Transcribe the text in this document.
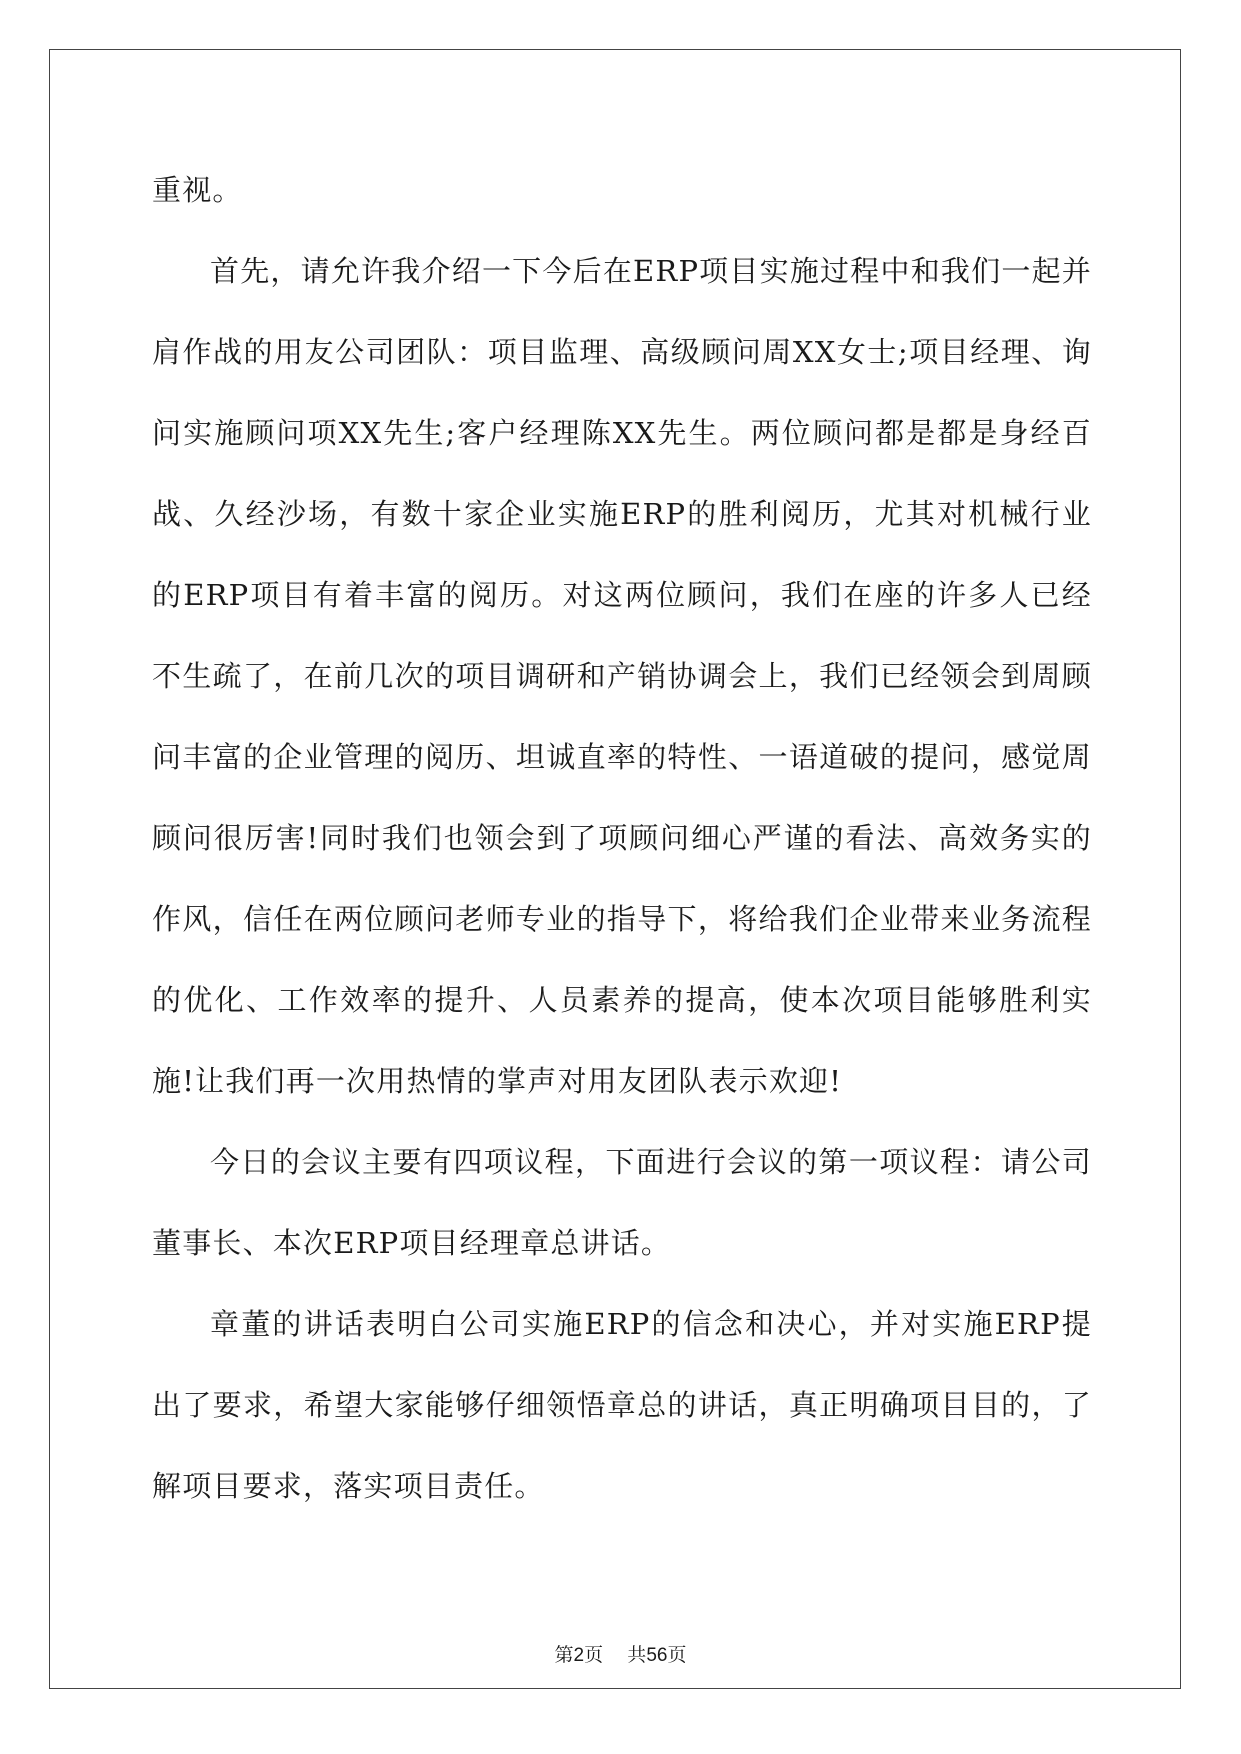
重视。

首先，请允许我介绍一下今后在ERP项目实施过程中和我们一起并肩作战的用友公司团队：项目监理、高级顾问周XX女士;项目经理、询问实施顾问项XX先生;客户经理陈XX先生。两位顾问都是都是身经百战、久经沙场，有数十家企业实施ERP的胜利阅历，尤其对机械行业的ERP项目有着丰富的阅历。对这两位顾问，我们在座的许多人已经不生疏了，在前几次的项目调研和产销协调会上，我们已经领会到周顾问丰富的企业管理的阅历、坦诚直率的特性、一语道破的提问，感觉周顾问很厉害!同时我们也领会到了项顾问细心严谨的看法、高效务实的作风，信任在两位顾问老师专业的指导下，将给我们企业带来业务流程的优化、工作效率的提升、人员素养的提高，使本次项目能够胜利实施!让我们再一次用热情的掌声对用友团队表示欢迎!

今日的会议主要有四项议程，下面进行会议的第一项议程：请公司董事长、本次ERP项目经理章总讲话。

章董的讲话表明白公司实施ERP的信念和决心，并对实施ERP提出了要求，希望大家能够仔细领悟章总的讲话，真正明确项目目的，了解项目要求，落实项目责任。

第2页 共56页
